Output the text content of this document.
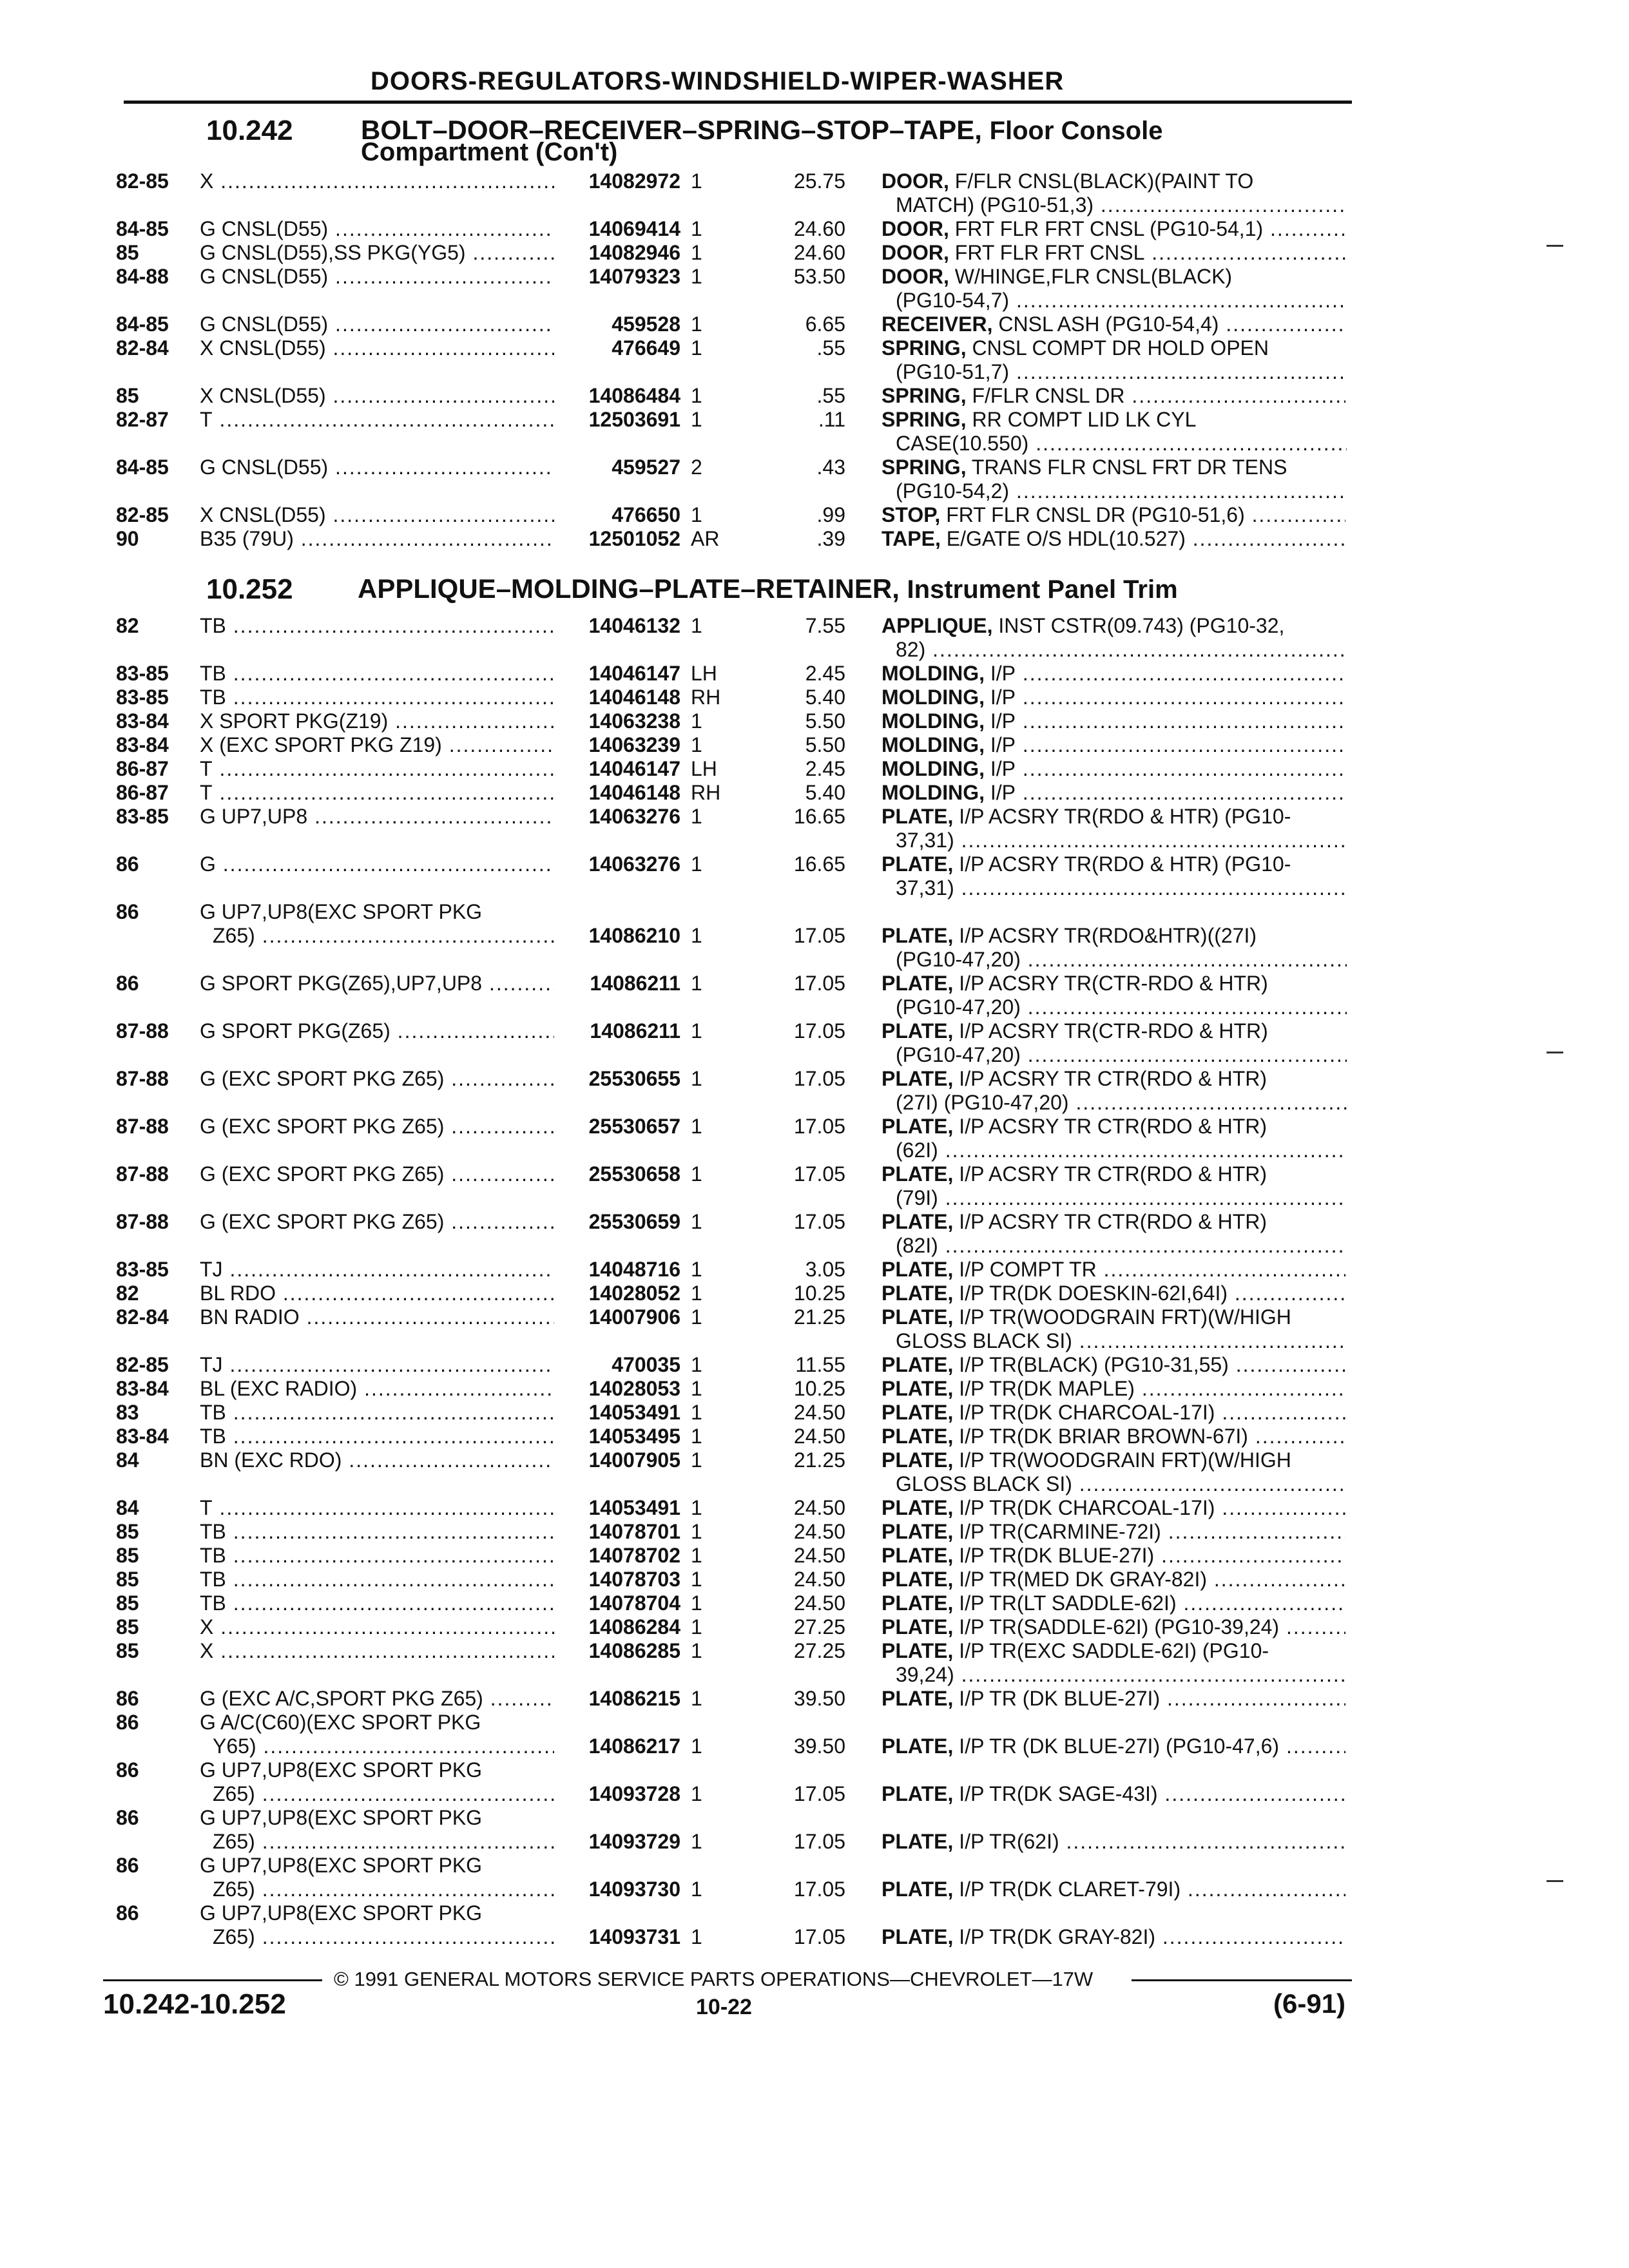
DOORS-REGULATORS-WINDSHIELD-WIPER-WASHER
10.242	BOLT–DOOR–RECEIVER–SPRING–STOP–TAPE, Floor Console
Compartment (Con't)
82-85	X .....	14082972 1	25.75 DOOR, F/FLR CNSL(BLACK)(PAINT TO
MATCH) (PG10-51,3) .....
84-85	G CNSL(D55) .....	14069414 1	24.60 DOOR, FRT FLR FRT CNSL (PG10-54,1) .....
85	G CNSL(D55),SS PKG(YG5) .....	14082946 1	24.60 DOOR, FRT FLR FRT CNSL .....
84-88	G CNSL(D55) .....	14079323 1	53.50 DOOR, W/HINGE,FLR CNSL(BLACK)
(PG10-54,7) .....
84-85	G CNSL(D55) .....	459528 1	6.65 RECEIVER, CNSL ASH (PG10-54,4) .....
82-84	X CNSL(D55) .....	476649 1	.55 SPRING, CNSL COMPT DR HOLD OPEN
(PG10-51,7) .....
85	X CNSL(D55) .....	14086484 1	.55 SPRING, F/FLR CNSL DR .....
82-87	T .....	12503691 1	.11 SPRING, RR COMPT LID LK CYL
CASE(10.550) .....
84-85	G CNSL(D55) .....	459527 2	.43 SPRING, TRANS FLR CNSL FRT DR TENS
(PG10-54,2) .....
82-85	X CNSL(D55) .....	476650 1	.99 STOP, FRT FLR CNSL DR (PG10-51,6) .....
90	B35 (79U) .....	12501052 AR	.39 TAPE, E/GATE O/S HDL(10.527) .....
10.252 APPLIQUE–MOLDING–PLATE–RETAINER, Instrument Panel Trim
82	TB .....	14046132 1	7.55 APPLIQUE, INST CSTR(09.743) (PG10-32,
82) .....
83-85	TB .....	14046147 LH	2.45 MOLDING, I/P .....
83-85	TB .....	14046148 RH	5.40 MOLDING, I/P .....
83-84	X SPORT PKG(Z19) .....	14063238 1	5.50 MOLDING, I/P .....
83-84	X (EXC SPORT PKG Z19) .....	14063239 1	5.50 MOLDING, I/P .....
86-87	T .....	14046147 LH	2.45 MOLDING, I/P .....
86-87	T .....	14046148 RH	5.40 MOLDING, I/P .....
83-85	G UP7,UP8 .....	14063276 1	16.65 PLATE, I/P ACSRY TR(RDO & HTR) (PG10-
37,31) .....
86	G .....	14063276 1	16.65 PLATE, I/P ACSRY TR(RDO & HTR) (PG10-
37,31) .....
86	G UP7,UP8(EXC SPORT PKG
Z65) .....	14086210 1	17.05 PLATE, I/P ACSRY TR(RDO&HTR)((27I)
(PG10-47,20) .....
86	G SPORT PKG(Z65),UP7,UP8 .....	14086211 1	17.05 PLATE, I/P ACSRY TR(CTR-RDO & HTR)
(PG10-47,20) .....
87-88	G SPORT PKG(Z65) .....	14086211 1	17.05 PLATE, I/P ACSRY TR(CTR-RDO & HTR)
(PG10-47,20) .....
87-88	G (EXC SPORT PKG Z65) .....	25530655 1	17.05 PLATE, I/P ACSRY TR CTR(RDO & HTR)
(27I) (PG10-47,20) .....
87-88	G (EXC SPORT PKG Z65) .....	25530657 1	17.05 PLATE, I/P ACSRY TR CTR(RDO & HTR)
(62I) .....
87-88	G (EXC SPORT PKG Z65) .....	25530658 1	17.05 PLATE, I/P ACSRY TR CTR(RDO & HTR)
(79I) .....
87-88	G (EXC SPORT PKG Z65) .....	25530659 1	17.05 PLATE, I/P ACSRY TR CTR(RDO & HTR)
(82I) .....
83-85	TJ .....	14048716 1	3.05 PLATE, I/P COMPT TR .....
82	BL RDO .....	14028052 1	10.25 PLATE, I/P TR(DK DOESKIN-62I,64I) .....
82-84	BN RADIO .....	14007906 1	21.25 PLATE, I/P TR(WOODGRAIN FRT)(W/HIGH
GLOSS BLACK SI) .....
82-85	TJ .....	470035 1	11.55 PLATE, I/P TR(BLACK) (PG10-31,55) .....
83-84	BL (EXC RADIO) .....	14028053 1	10.25 PLATE, I/P TR(DK MAPLE) .....
83	TB .....	14053491 1	24.50 PLATE, I/P TR(DK CHARCOAL-17I) .....
83-84	TB .....	14053495 1	24.50 PLATE, I/P TR(DK BRIAR BROWN-67I) .....
84	BN (EXC RDO) .....	14007905 1	21.25 PLATE, I/P TR(WOODGRAIN FRT)(W/HIGH
GLOSS BLACK SI) .....
84	T .....	14053491 1	24.50 PLATE, I/P TR(DK CHARCOAL-17I) .....
85	TB .....	14078701 1	24.50 PLATE, I/P TR(CARMINE-72I) .....
85	TB .....	14078702 1	24.50 PLATE, I/P TR(DK BLUE-27I) .....
85	TB .....	14078703 1	24.50 PLATE, I/P TR(MED DK GRAY-82I) .....
85	TB .....	14078704 1	24.50 PLATE, I/P TR(LT SADDLE-62I) .....
85	X .....	14086284 1	27.25 PLATE, I/P TR(SADDLE-62I) (PG10-39,24) .....
85	X .....	14086285 1	27.25 PLATE, I/P TR(EXC SADDLE-62I) (PG10-
39,24) .....
86	G (EXC A/C,SPORT PKG Z65) .....	14086215 1	39.50 PLATE, I/P TR (DK BLUE-27I) .....
86	G A/C(C60)(EXC SPORT PKG
Y65) .....	14086217 1	39.50 PLATE, I/P TR (DK BLUE-27I) (PG10-47,6) .....
86	G UP7,UP8(EXC SPORT PKG
Z65) .....	14093728 1	17.05 PLATE, I/P TR(DK SAGE-43I) .....
86	G UP7,UP8(EXC SPORT PKG
Z65) .....	14093729 1	17.05 PLATE, I/P TR(62I) .....
86	G UP7,UP8(EXC SPORT PKG
Z65) .....	14093730 1	17.05 PLATE, I/P TR(DK CLARET-79I) .....
86	G UP7,UP8(EXC SPORT PKG
Z65) .....	14093731 1	17.05 PLATE, I/P TR(DK GRAY-82I) .....
© 1991 GENERAL MOTORS SERVICE PARTS OPERATIONS—CHEVROLET—17W
10.242-10.252	10-22	(6-91)
